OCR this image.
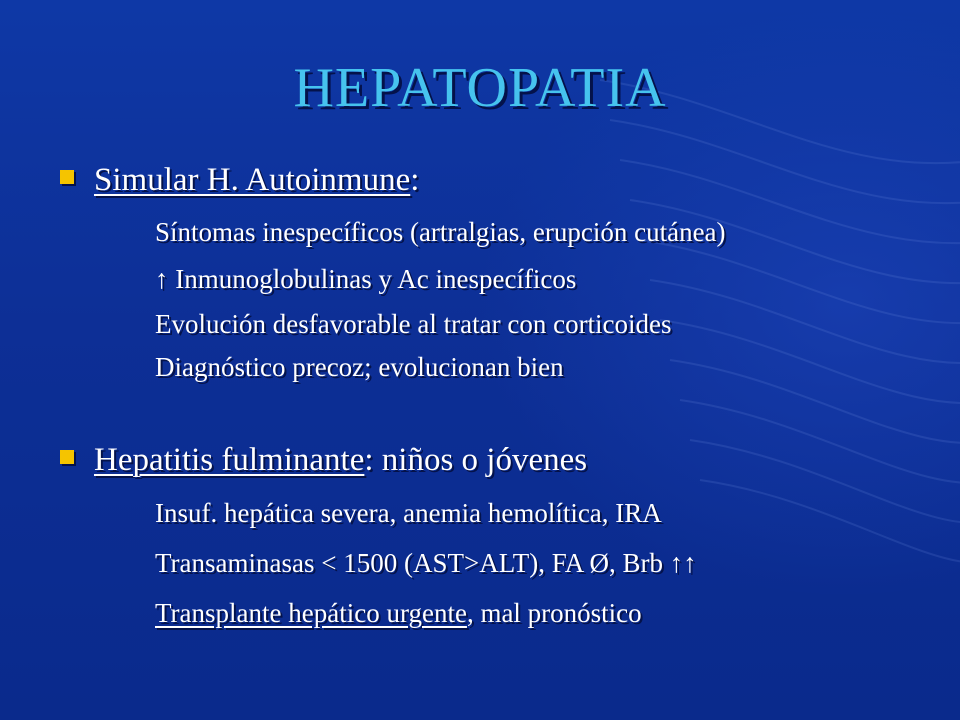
HEPATOPATIA
Simular H. Autoinmune:
Síntomas inespecíficos (artralgias, erupción cutánea)
↑ Inmunoglobulinas y Ac inespecíficos
Evolución desfavorable al tratar con corticoides
Diagnóstico precoz; evolucionan bien
Hepatitis fulminante: niños o jóvenes
Insuf. hepática severa, anemia hemolítica, IRA
Transaminasas < 1500 (AST>ALT), FA Ø, Brb ↑↑
Transplante hepático urgente, mal pronóstico
